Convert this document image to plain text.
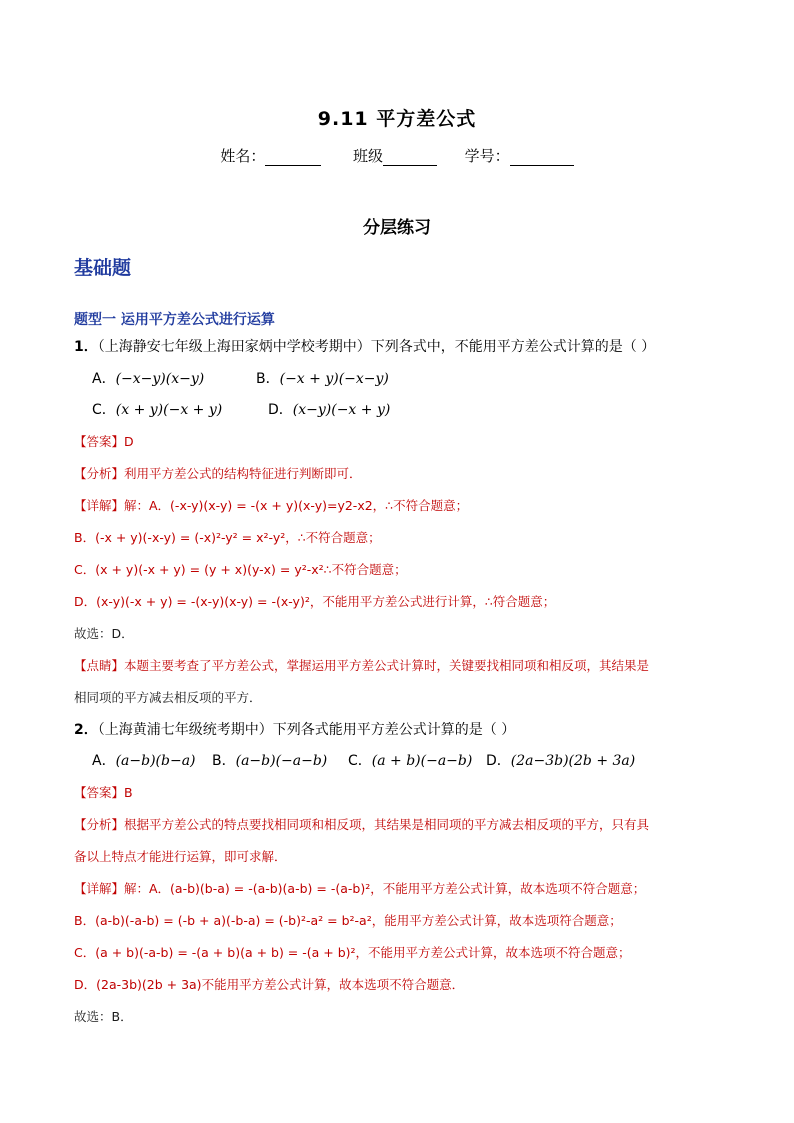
9.11 平方差公式
姓名：	班级	学号：
分层练习
基础题
题型一 运用平方差公式进行运算
1．（上海静安七年级上海田家炳中学校考期中）下列各式中，不能用平方差公式计算的是（ ）
A．(−x−y)(x−y)	B．(−x + y)(−x−y)
C．(x + y)(−x + y)	D．(x−y)(−x + y)
【答案】D
【分析】利用平方差公式的结构特征进行判断即可．
【详解】解：A．(-x-y)(x-y) = -(x + y)(x-y)=y2-x2，∴不符合题意；
B．(-x + y)(-x-y) = (-x)²-y² = x²-y²，∴不符合题意；
C．(x + y)(-x + y) = (y + x)(y-x) = y²-x²∴不符合题意；
D．(x-y)(-x + y) = -(x-y)(x-y) = -(x-y)²，不能用平方差公式进行计算，∴符合题意；
故选：D．
【点睛】本题主要考查了平方差公式，掌握运用平方差公式计算时，关键要找相同项和相反项，其结果是
相同项的平方减去相反项的平方．
2．（上海黄浦七年级统考期中）下列各式能用平方差公式计算的是（ ）
A．(a−b)(b−a) B．(a−b)(−a−b) C．(a + b)(−a−b) D．(2a−3b)(2b + 3a)
【答案】B
【分析】根据平方差公式的特点要找相同项和相反项，其结果是相同项的平方减去相反项的平方，只有具
备以上特点才能进行运算，即可求解．
【详解】解：A．(a-b)(b-a) = -(a-b)(a-b) = -(a-b)²，不能用平方差公式计算，故本选项不符合题意；
B．(a-b)(-a-b) = (-b + a)(-b-a) = (-b)²-a² = b²-a²，能用平方差公式计算，故本选项符合题意；
C．(a + b)(-a-b) = -(a + b)(a + b) = -(a + b)²，不能用平方差公式计算，故本选项不符合题意；
D．(2a-3b)(2b + 3a)不能用平方差公式计算，故本选项不符合题意．
故选：B．
